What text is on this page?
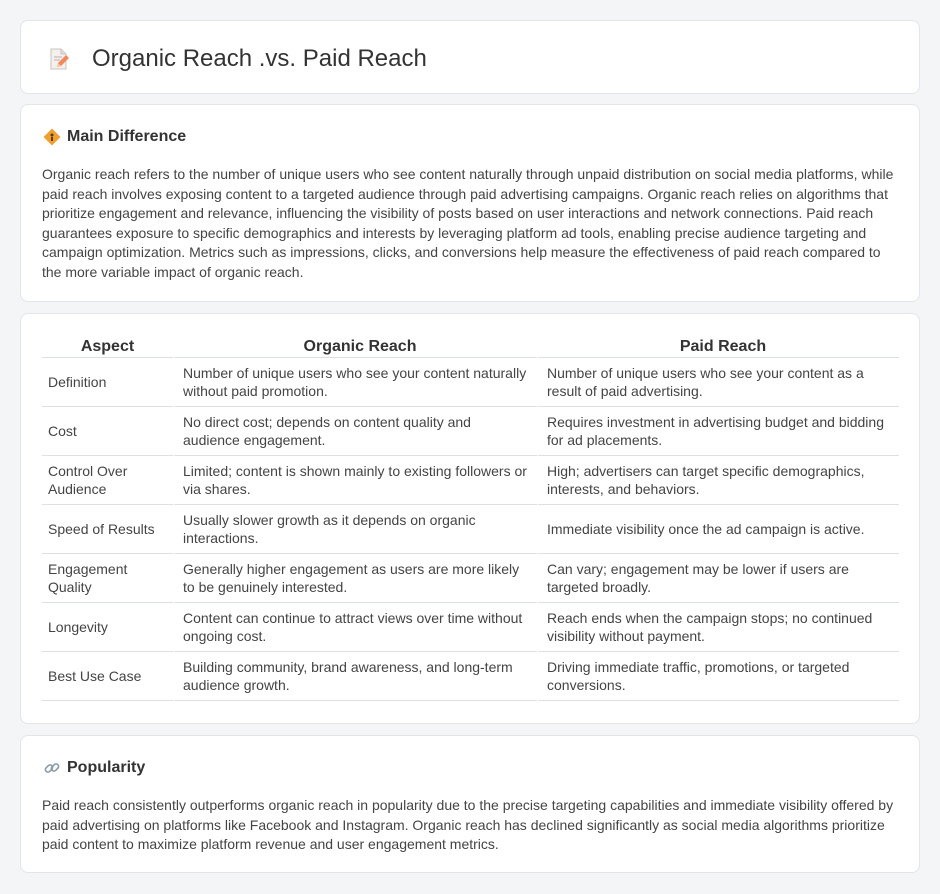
Organic Reach .vs. Paid Reach
Main Difference

Organic reach refers to the number of unique users who see content naturally through unpaid distribution on social media platforms, while paid reach involves exposing content to a targeted audience through paid advertising campaigns. Organic reach relies on algorithms that prioritize engagement and relevance, influencing the visibility of posts based on user interactions and network connections. Paid reach guarantees exposure to specific demographics and interests by leveraging platform ad tools, enabling precise audience targeting and campaign optimization. Metrics such as impressions, clicks, and conversions help measure the effectiveness of paid reach compared to the more variable impact of organic reach.

Aspect	Organic Reach	Paid Reach
Definition	Number of unique users who see your content naturally without paid promotion.	Number of unique users who see your content as a result of paid advertising.
Cost	No direct cost; depends on content quality and audience engagement.	Requires investment in advertising budget and bidding for ad placements.
Control Over Audience	Limited; content is shown mainly to existing followers or via shares.	High; advertisers can target specific demographics, interests, and behaviors.
Speed of Results	Usually slower growth as it depends on organic interactions.	Immediate visibility once the ad campaign is active.
Engagement Quality	Generally higher engagement as users are more likely to be genuinely interested.	Can vary; engagement may be lower if users are targeted broadly.
Longevity	Content can continue to attract views over time without ongoing cost.	Reach ends when the campaign stops; no continued visibility without payment.
Best Use Case	Building community, brand awareness, and long-term audience growth.	Driving immediate traffic, promotions, or targeted conversions.
Popularity

Paid reach consistently outperforms organic reach in popularity due to the precise targeting capabilities and immediate visibility offered by paid advertising on platforms like Facebook and Instagram. Organic reach has declined significantly as social media algorithms prioritize paid content to maximize platform revenue and user engagement metrics.
